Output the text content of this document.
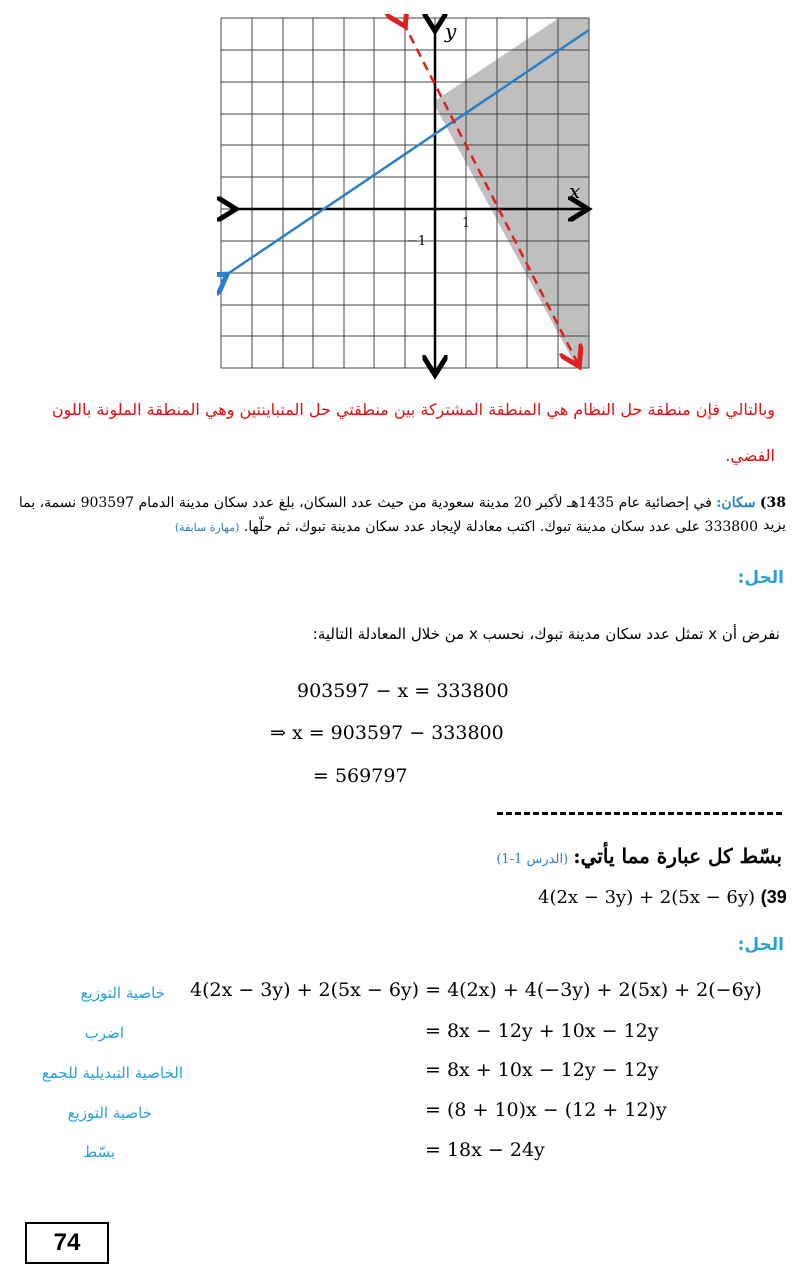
y
x
1
−1
وبالتالي فإن منطقة حل النظام هي المنطقة المشتركة بين منطقتي حل المتباينتين وهي المنطقة الملونة باللون
الفضي.
38) سكان: في إحصائية عام 1435هـ لأكبر 20 مدينة سعودية من حيث عدد السكان، بلغ عدد سكان مدينة الدمام 903597 نسمة، بما يزيد
333800 على عدد سكان مدينة تبوك. اكتب معادلة لإيجاد عدد سكان مدينة تبوك، ثم حلّها. (مهارة سابقة)
الحل:
نفرض أن x تمثل عدد سكان مدينة تبوك، نحسب x من خلال المعادلة التالية:
903597 − x = 333800
⇒ x = 903597 − 333800
= 569797
بسّط كل عبارة مما يأتي: (الدرس 1-1)
4(2x − 3y) + 2(5x − 6y) (39
الحل:
4(2x − 3y) + 2(5x − 6y) = 4(2x) + 4(−3y) + 2(5x) + 2(−6y)
خاصية التوزيع
= 8x − 12y + 10x − 12y
اضرب
= 8x + 10x − 12y − 12y
الخاصية التبديلية للجمع
= (8 + 10)x − (12 + 12)y
خاصية التوزيع
= 18x − 24y
بسّط
74
